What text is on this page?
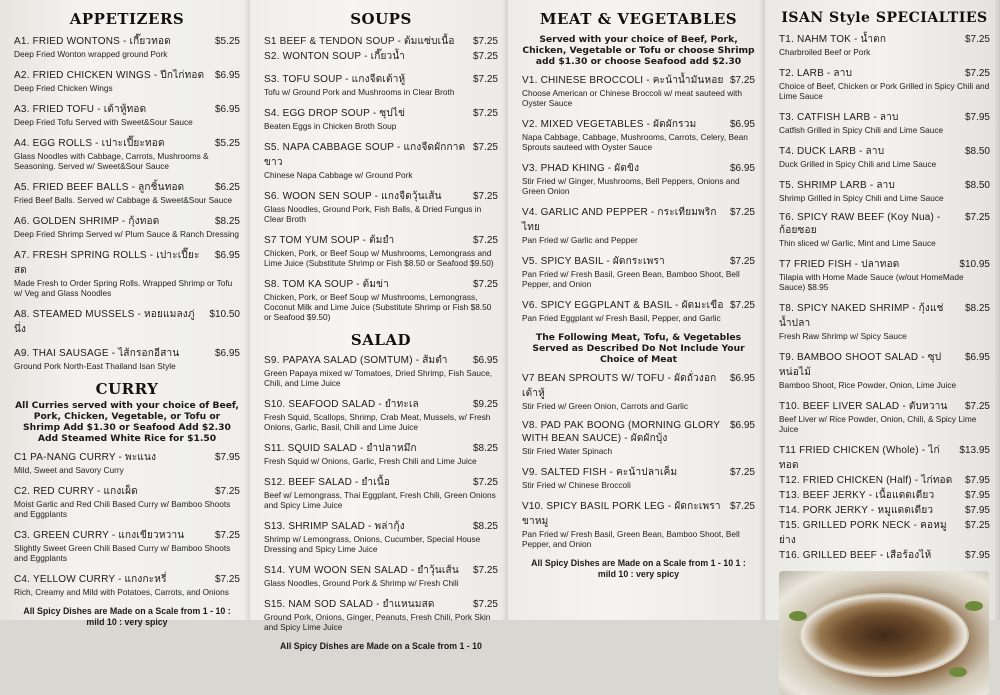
APPETIZERS
A1. FRIED WONTONS - เกี๊ยวทอด	$5.25
Deep Fried Wonton wrapped ground Pork
A2. FRIED CHICKEN WINGS - ปีกไก่ทอด $6.95
Deep Fried Chicken Wings
A3. FRIED TOFU - เต้าหู้ทอด	$6.95
Deep Fried Tofu Served with Sweet&Sour Sauce
A4. EGG ROLLS - เปาะเปี๊ยะทอด	$5.25
Glass Noodles with Cabbage, Carrots, Mushrooms & Seasoning. Served w/ Sweet&Sour Sauce
A5. FRIED BEEF BALLS - ลูกชิ้นทอด	$6.25
Fried Beef Balls. Served w/ Cabbage & Sweet&Sour Sauce
A6. GOLDEN SHRIMP - กุ้งทอด	$8.25
Deep Fried Shrimp Served w/ Plum Sauce & Ranch Dressing
A7. FRESH SPRING ROLLS - เปาะเปี๊ยะสด
$6.95
Made Fresh to Order Spring Rolls. Wrapped Shrimp or Tofu w/ Veg and Glass Noodles
A8. STEAMED MUSSELS - หอยแมลงภู่นึ่ง
$10.50
A9. THAI SAUSAGE - ไส้กรอกอีสาน	$6.95
Ground Pork North-East Thailand Isan Style
CURRY
All Curries served with your choice of Beef, Pork, Chicken, Vegetable, or Tofu or Shrimp Add $1.30 or Seafood Add $2.30 Add Steamed White Rice for $1.50
C1 PA-NANG CURRY - พะแนง	$7.95
Mild, Sweet and Savory Curry
C2. RED CURRY - แกงเผ็ด	$7.25
Moist Garlic and Red Chili Based Curry w/ Bamboo Shoots and Eggplants
C3. GREEN CURRY - แกงเขียวหวาน	$7.25
Slightly Sweet Green Chili Based Curry w/ Bamboo Shoots and Eggplants
C4. YELLOW CURRY - แกงกะหรี่	$7.25
Rich, Creamy and Mild with Potatoes, Carrots, and Onions
All Spicy Dishes are Made on a Scale from 1 - 10 : mild 10 : very spicy
SOUPS
S1 BEEF & TENDON SOUP - ต้มแซ่บเนื้อ $7.25
S2. WONTON SOUP - เกี๊ยวน้ำ	$7.25
S3. TOFU SOUP - แกงจืดเต้าหู้	$7.25
Tofu w/ Ground Pork and Mushrooms in Clear Broth
S4. EGG DROP SOUP - ซุปไข่	$7.25
Beaten Eggs in Chicken Broth Soup
S5. NAPA CABBAGE SOUP - แกงจืดผักกาดขาว
$7.25
Chinese Napa Cabbage w/ Ground Pork
S6. WOON SEN SOUP - แกงจืดวุ้นเส้น	$7.25
Glass Noodles, Ground Pork, Fish Balls, & Dried Fungus in Clear Broth
S7 TOM YUM SOUP - ต้มยำ	$7.25
Chicken, Pork, or Beef Soup w/ Mushrooms, Lemongrass and Lime Juice (Substitute Shrimp or Fish $8.50 or Seafood $9.50)
S8. TOM KA SOUP - ต้มข่า	$7.25
Chicken, Pork, or Beef Soup w/ Mushrooms, Lemongrass, Coconut Milk and Lime Juice (Substitute Shrimp or Fish $8.50 or Seafood $9.50)
SALAD
S9. PAPAYA SALAD (SOMTUM) - ส้มตำ	$6.95
Green Papaya mixed w/ Tomatoes, Dried Shrimp, Fish Sauce, Chili, and Lime Juice
S10. SEAFOOD SALAD - ยำทะเล	$9.25
Fresh Squid, Scallops, Shrimp, Crab Meat, Mussels, w/ Fresh Onions, Garlic, Basil, Chili and Lime Juice
S11. SQUID SALAD - ยำปลาหมึก	$8.25
Fresh Squid w/ Onions, Garlic, Fresh Chili and Lime Juice
S12. BEEF SALAD - ยำเนื้อ	$7.25
Beef w/ Lemongrass, Thai Eggplant, Fresh Chili, Green Onions and Spicy Lime Juice
S13. SHRIMP SALAD - พล่ากุ้ง	$8.25
Shrimp w/ Lemongrass, Onions, Cucumber, Special House Dressing and Spicy Lime Juice
S14. YUM WOON SEN SALAD - ยำวุ้นเส้น $7.25
Glass Noodles, Ground Pork & Shrimp w/ Fresh Chili
S15. NAM SOD SALAD - ยำแหนมสด	$7.25
Ground Pork, Onions, Ginger, Peanuts, Fresh Chili, Pork Skin and Spicy Lime Juice
All Spicy Dishes are Made on a Scale from 1 - 10
MEAT & VEGETABLES
Served with your choice of Beef, Pork, Chicken, Vegetable or Tofu or choose Shrimp add $1.30 or choose Seafood add $2.30
V1. CHINESE BROCCOLI - คะน้าน้ำมันหอย $7.25
Choose American or Chinese Broccoli w/ meat sauteed with Oyster Sauce
V2. MIXED VEGETABLES - ผัดผักรวม	$6.95
Napa Cabbage, Cabbage, Mushrooms, Carrots, Celery, Bean Sprouts sauteed with Oyster Sauce
V3. PHAD KHING - ผัดขิง	$6.95
Stir Fried w/ Ginger, Mushrooms, Bell Peppers, Onions and Green Onion
V4. GARLIC AND PEPPER - กระเทียมพริกไทย
$7.25
Pan Fried w/ Garlic and Pepper
V5. SPICY BASIL - ผัดกระเพรา	$7.25
Pan Fried w/ Fresh Basil, Green Bean, Bamboo Shoot, Bell Pepper, and Onion
V6. SPICY EGGPLANT & BASIL - ผัดมะเขือ $7.25
Pan Fried Eggplant w/ Fresh Basil, Pepper, and Garlic
The Following Meat, Tofu, & Vegetables Served as Described Do Not Include Your Choice of Meat
V7 BEAN SPROUTS W/ TOFU - ผัดถั่วงอกเต้าหู้
$6.95
Stir Fried w/ Green Onion, Carrots and Garlic
V8. PAD PAK BOONG (MORNING GLORY WITH BEAN SAUCE) - ผัดผักบุ้ง
$6.95
Stir Fried Water Spinach
V9. SALTED FISH - คะน้าปลาเค็ม	$7.25
Stir Fried w/ Chinese Broccoli
V10. SPICY BASIL PORK LEG - ผัดกะเพราขาหมู
$7.25
Pan Fried w/ Fresh Basil, Green Bean, Bamboo Shoot, Bell Pepper, and Onion
All Spicy Dishes are Made on a Scale from 1 - 10 1 : mild 10 : very spicy
ISAN Style SPECIALTIES
T1. NAHM TOK - น้ำตก	$7.25
Charbroiled Beef or Pork
T2. LARB - ลาบ	$7.25
Choice of Beef, Chicken or Pork Grilled in Spicy Chili and Lime Sauce
T3. CATFISH LARB - ลาบ	$7.95
Catfish Grilled in Spicy Chili and Lime Sauce
T4. DUCK LARB - ลาบ	$8.50
Duck Grilled in Spicy Chili and Lime Sauce
T5. SHRIMP LARB - ลาบ	$8.50
Shrimp Grilled in Spicy Chili and Lime Sauce
T6. SPICY RAW BEEF (Koy Nua) - ก้อยซอย
$7.25
Thin sliced w/ Garlic, Mint and Lime Sauce
T7 FRIED FISH - ปลาทอด	$10.95
Tilapia with Home Made Sauce (w/out HomeMade Sauce) $8.95
T8. SPICY NAKED SHRIMP - กุ้งแช่น้ำปลา
$8.25
Fresh Raw Shrimp w/ Spicy Sauce
T9. BAMBOO SHOOT SALAD - ซุปหน่อไม้
$6.95
Bamboo Shoot, Rice Powder, Onion, Lime Juice
T10. BEEF LIVER SALAD - ตับหวาน $7.25
Beef Liver w/ Rice Powder, Onion, Chili, & Spicy Lime Juice
T11 FRIED CHICKEN (Whole) - ไก่ทอด
$13.95
T12. FRIED CHICKEN (Half) - ไก่ทอด $7.95
T13. BEEF JERKY - เนื้อแดดเดียว	$7.95
T14. PORK JERKY - หมูแดดเดียว	$7.95
T15. GRILLED PORK NECK - คอหมูย่าง
$7.25
T16. GRILLED BEEF - เสือร้องไห้	$7.95
